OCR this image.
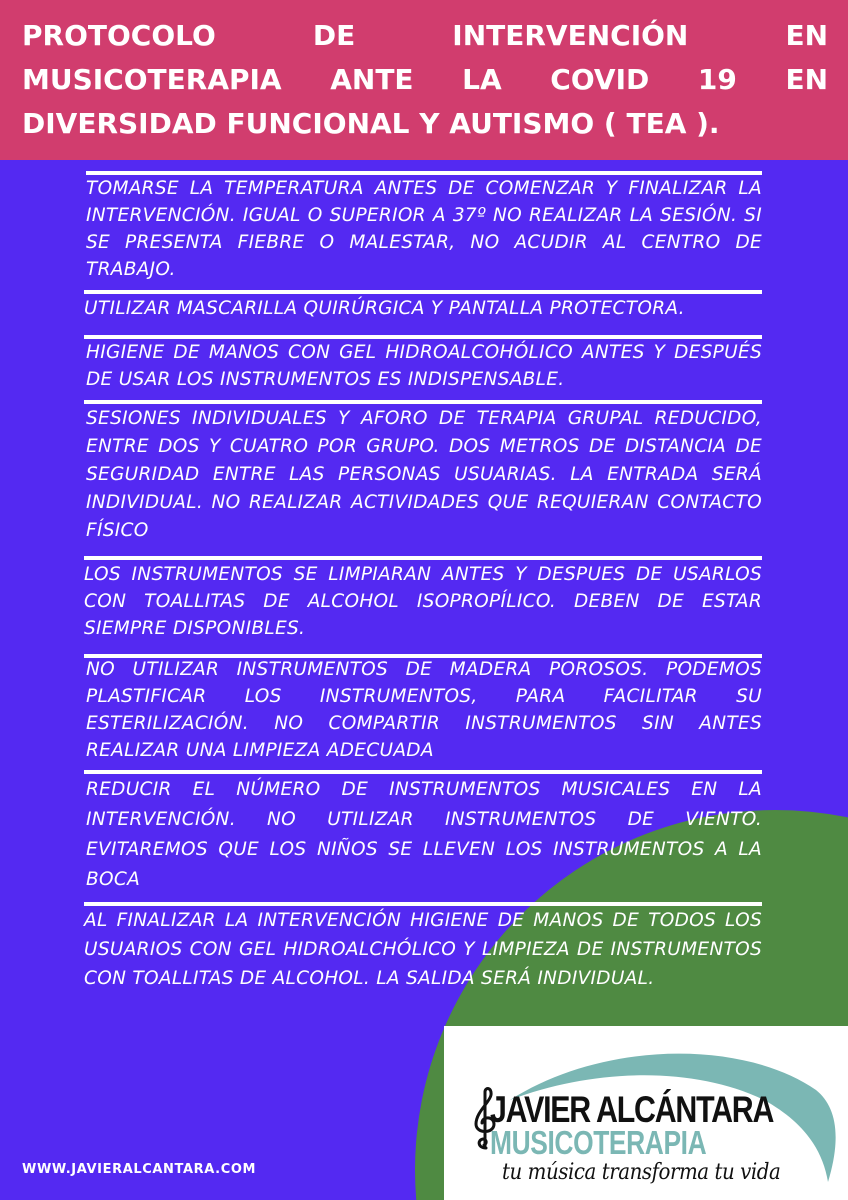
PROTOCOLO DE INTERVENCIÓN EN MUSICOTERAPIA ANTE LA COVID 19 EN DIVERSIDAD FUNCIONAL Y AUTISMO ( TEA ).

TOMARSE LA TEMPERATURA ANTES DE COMENZAR Y FINALIZAR LA INTERVENCIÓN. IGUAL O SUPERIOR A 37º NO REALIZAR LA SESIÓN. SI SE PRESENTA FIEBRE O MALESTAR, NO ACUDIR AL CENTRO DE TRABAJO.

UTILIZAR MASCARILLA QUIRÚRGICA Y PANTALLA PROTECTORA.

HIGIENE DE MANOS CON GEL HIDROALCOHÓLICO ANTES Y DESPUÉS DE USAR LOS INSTRUMENTOS ES INDISPENSABLE.

SESIONES INDIVIDUALES Y AFORO DE TERAPIA GRUPAL REDUCIDO, ENTRE DOS Y CUATRO POR GRUPO. DOS METROS DE DISTANCIA DE SEGURIDAD ENTRE LAS PERSONAS USUARIAS. LA ENTRADA SERÁ INDIVIDUAL. NO REALIZAR ACTIVIDADES QUE REQUIERAN CONTACTO FÍSICO

LOS INSTRUMENTOS SE LIMPIARAN ANTES Y DESPUES DE USARLOS CON TOALLITAS DE ALCOHOL ISOPROPÍLICO. DEBEN DE ESTAR SIEMPRE DISPONIBLES.

NO UTILIZAR INSTRUMENTOS DE MADERA POROSOS. PODEMOS PLASTIFICAR LOS INSTRUMENTOS, PARA FACILITAR SU ESTERILIZACIÓN. NO COMPARTIR INSTRUMENTOS SIN ANTES REALIZAR UNA LIMPIEZA ADECUADA

REDUCIR EL NÚMERO DE INSTRUMENTOS MUSICALES EN LA INTERVENCIÓN. NO UTILIZAR INSTRUMENTOS DE VIENTO. EVITAREMOS QUE LOS NIÑOS SE LLEVEN LOS INSTRUMENTOS A LA BOCA

AL FINALIZAR LA INTERVENCIÓN HIGIENE DE MANOS DE TODOS LOS USUARIOS CON GEL HIDROALCHÓLICO Y LIMPIEZA DE INSTRUMENTOS CON TOALLITAS DE ALCOHOL. LA SALIDA SERÁ INDIVIDUAL.

JAVIER ALCÁNTARA
MUSICOTERAPIA
tu música transforma tu vida
WWW.JAVIERALCANTARA.COM
